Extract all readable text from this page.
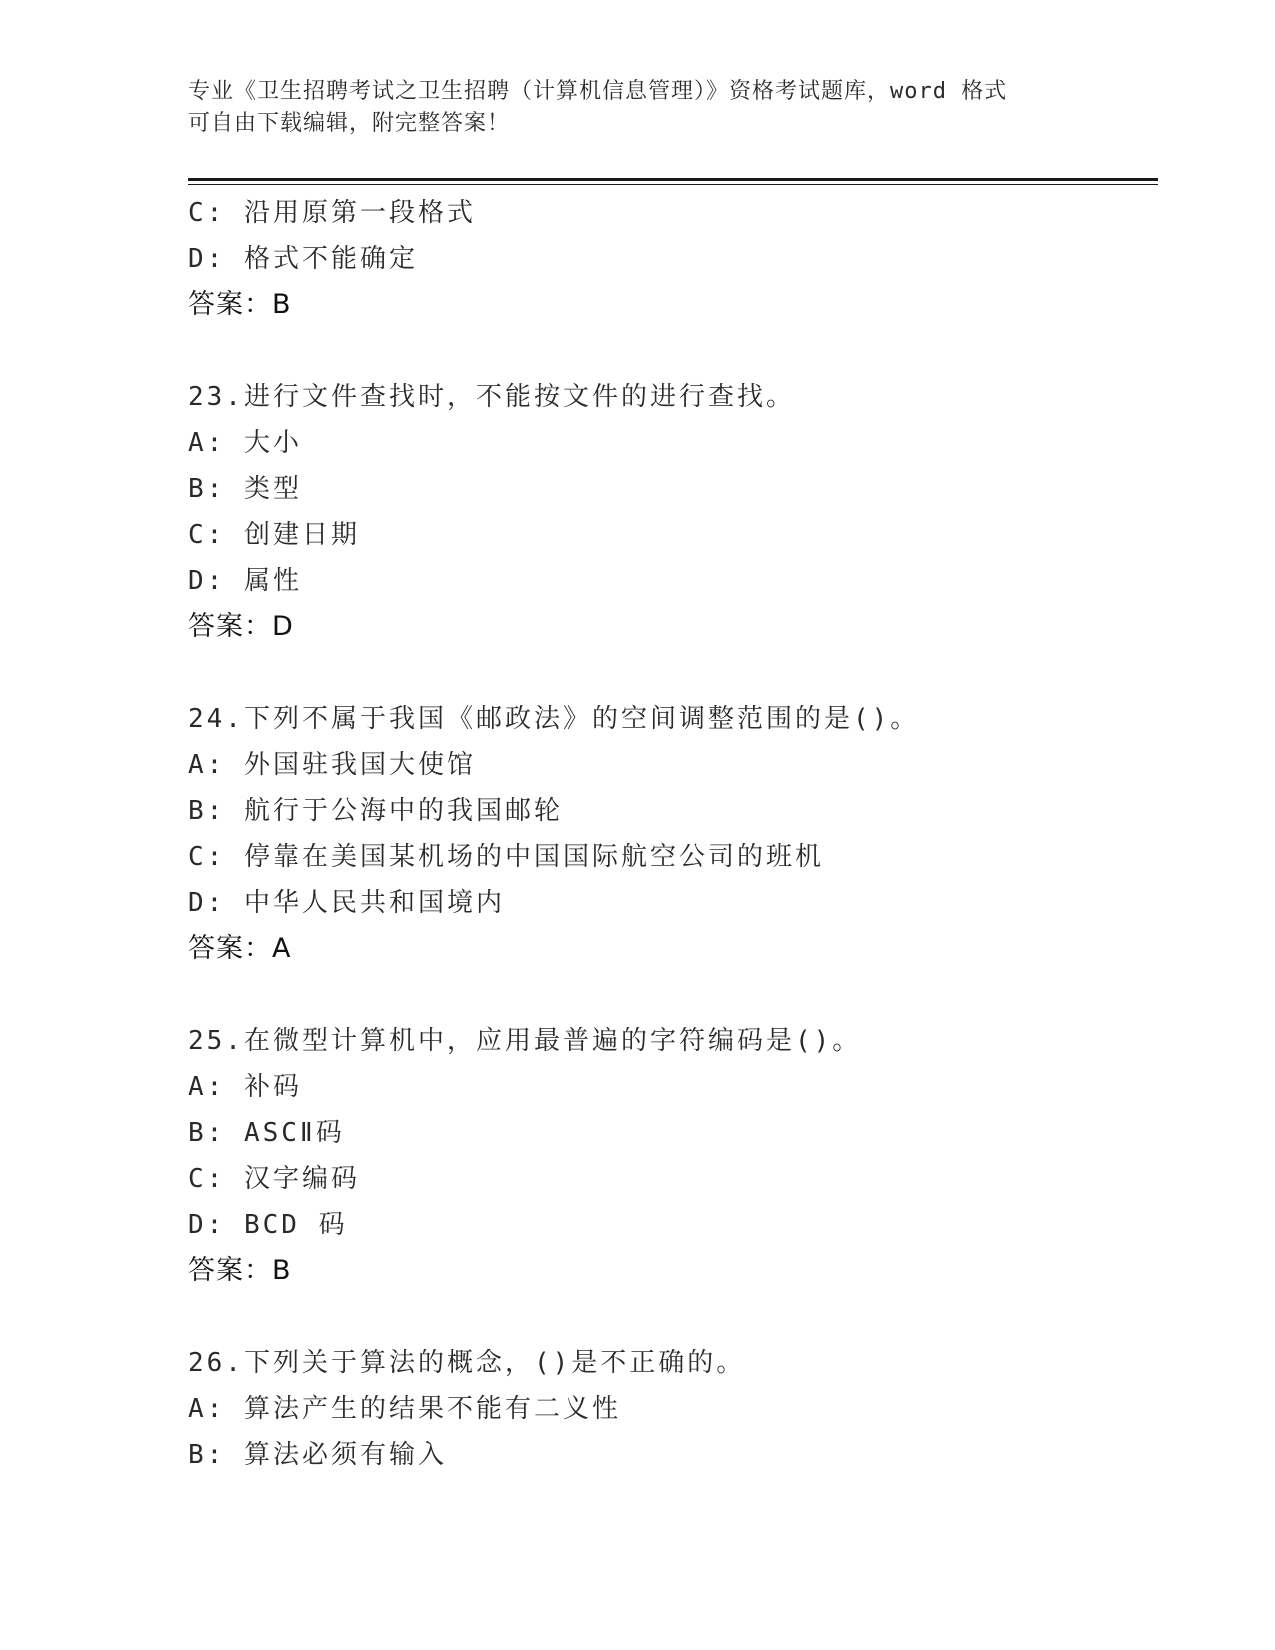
专业《卫生招聘考试之卫生招聘（计算机信息管理）》资格考试题库，word 格式

可自由下载编辑，附完整答案！

C: 沿用原第一段格式
D: 格式不能确定
答案：B
23.进行文件查找时，不能按文件的进行查找。
A: 大小
B: 类型
C: 创建日期
D: 属性
答案：D
24.下列不属于我国《邮政法》的空间调整范围的是()。
A: 外国驻我国大使馆
B: 航行于公海中的我国邮轮
C: 停靠在美国某机场的中国国际航空公司的班机
D: 中华人民共和国境内
答案：A
25.在微型计算机中，应用最普遍的字符编码是()。
A: 补码
B: ASCⅡ码
C: 汉字编码
D: BCD 码
答案：B
26.下列关于算法的概念，()是不正确的。
A: 算法产生的结果不能有二义性
B: 算法必须有输入
